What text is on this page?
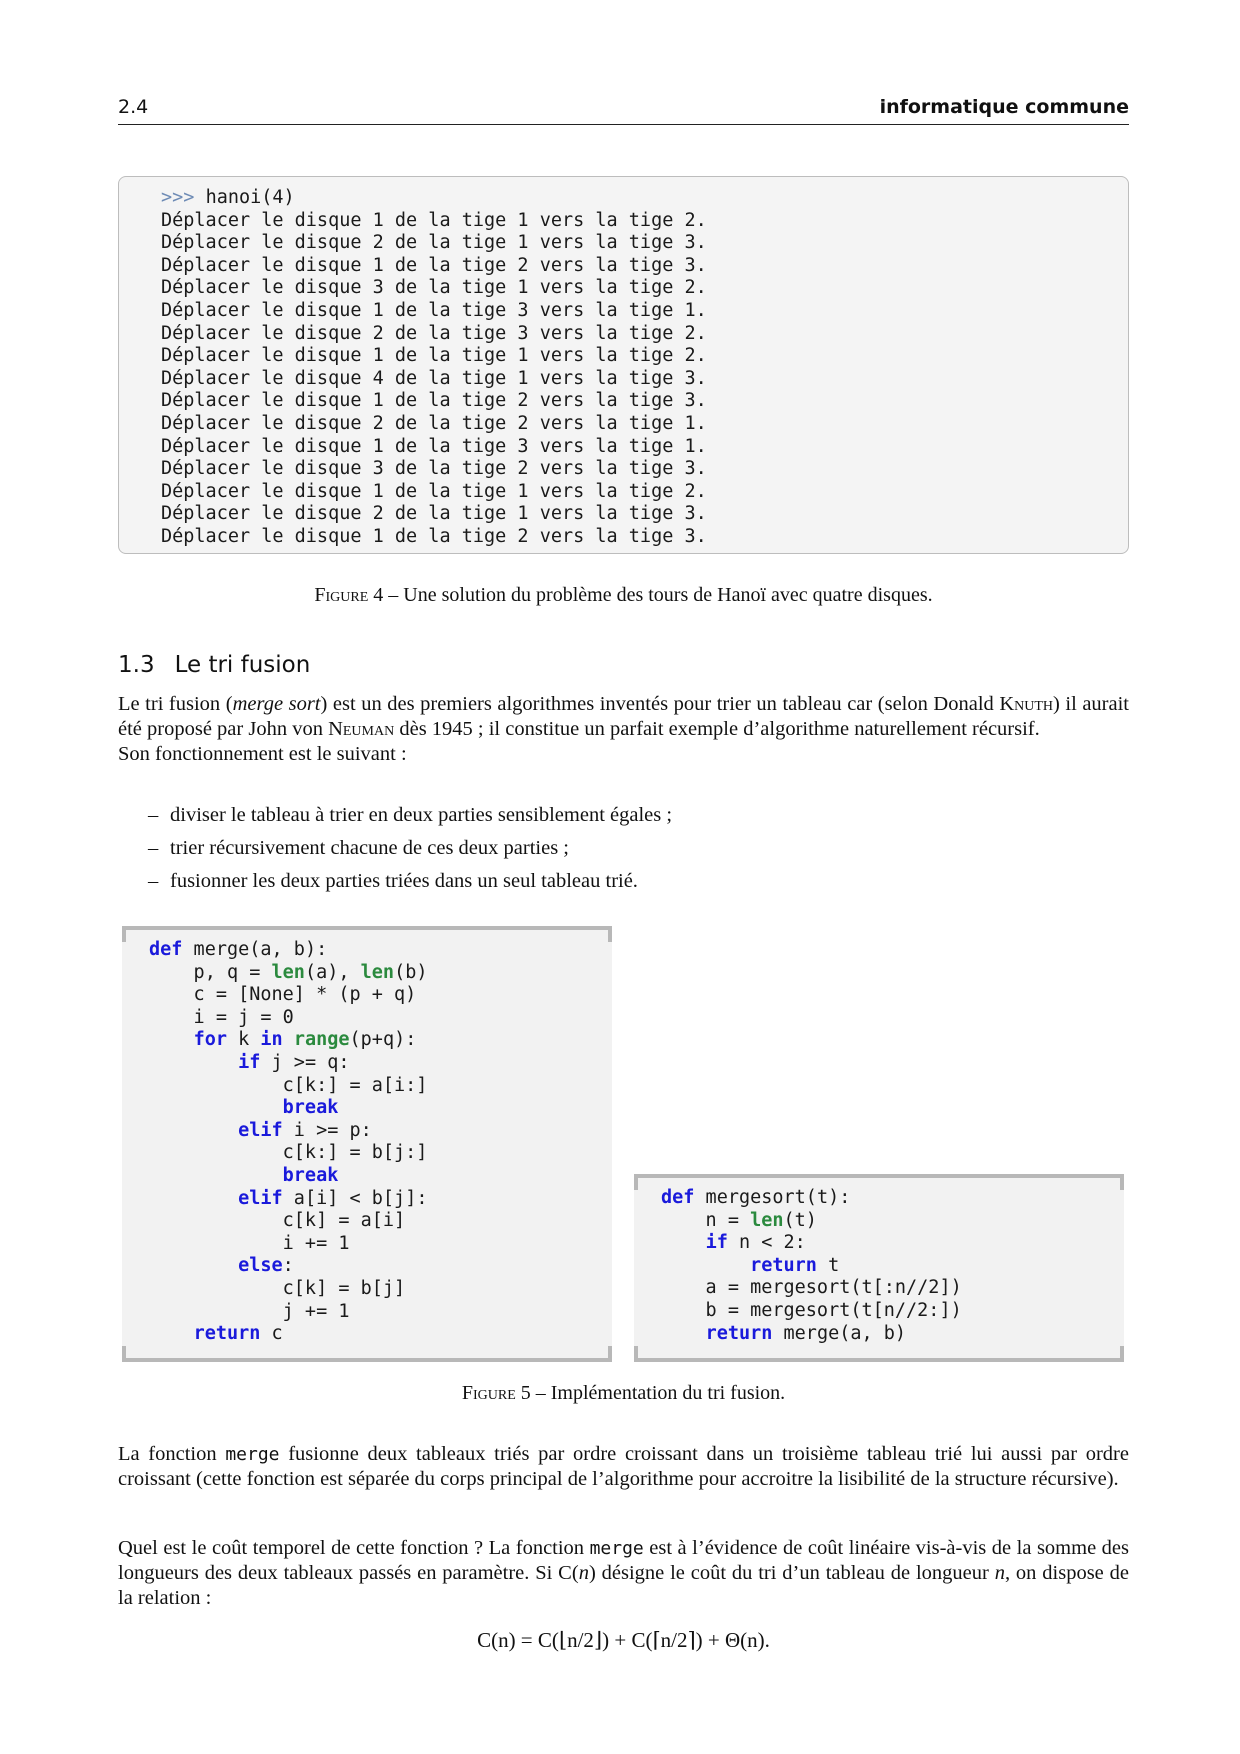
2.4	informatique commune
>>> hanoi(4)
Déplacer le disque 1 de la tige 1 vers la tige 2.
Déplacer le disque 2 de la tige 1 vers la tige 3.
Déplacer le disque 1 de la tige 2 vers la tige 3.
Déplacer le disque 3 de la tige 1 vers la tige 2.
Déplacer le disque 1 de la tige 3 vers la tige 1.
Déplacer le disque 2 de la tige 3 vers la tige 2.
Déplacer le disque 1 de la tige 1 vers la tige 2.
Déplacer le disque 4 de la tige 1 vers la tige 3.
Déplacer le disque 1 de la tige 2 vers la tige 3.
Déplacer le disque 2 de la tige 2 vers la tige 1.
Déplacer le disque 1 de la tige 3 vers la tige 1.
Déplacer le disque 3 de la tige 2 vers la tige 3.
Déplacer le disque 1 de la tige 1 vers la tige 2.
Déplacer le disque 2 de la tige 1 vers la tige 3.
Déplacer le disque 1 de la tige 2 vers la tige 3.
Figure 4 – Une solution du problème des tours de Hanoï avec quatre disques.
1.3 Le tri fusion
Le tri fusion (merge sort) est un des premiers algorithmes inventés pour trier un tableau car (selon Donald Knuth) il aurait été proposé par John von Neuman dès 1945 ; il constitue un parfait exemple d’algorithme naturellement récursif.
Son fonctionnement est le suivant :
– diviser le tableau à trier en deux parties sensiblement égales ;
– trier récursivement chacune de ces deux parties ;
– fusionner les deux parties triées dans un seul tableau trié.
def merge(a, b):
p, q = len(a), len(b)
c = [None] * (p + q)
i = j = 0
for k in range(p+q):
if j >= q:
c[k:] = a[i:]
break
elif i >= p:
c[k:] = b[j:]
break
elif a[i] < b[j]:
c[k] = a[i]
i += 1
else:
c[k] = b[j]
j += 1
return c
def mergesort(t):
n = len(t)
if n < 2:
return t
a = mergesort(t[:n//2])
b = mergesort(t[n//2:])
return merge(a, b)
Figure 5 – Implémentation du tri fusion.
La fonction merge fusionne deux tableaux triés par ordre croissant dans un troisième tableau trié lui aussi par ordre croissant (cette fonction est séparée du corps principal de l’algorithme pour accroitre la lisibilité de la structure récursive).
Quel est le coût temporel de cette fonction ? La fonction merge est à l’évidence de coût linéaire vis-à-vis de la somme des longueurs des deux tableaux passés en paramètre. Si C(n) désigne le coût du tri d’un tableau de longueur n, on dispose de la relation :
C(n) = C(⌊n/2⌋) + C(⌈n/2⌉) + Θ(n).
